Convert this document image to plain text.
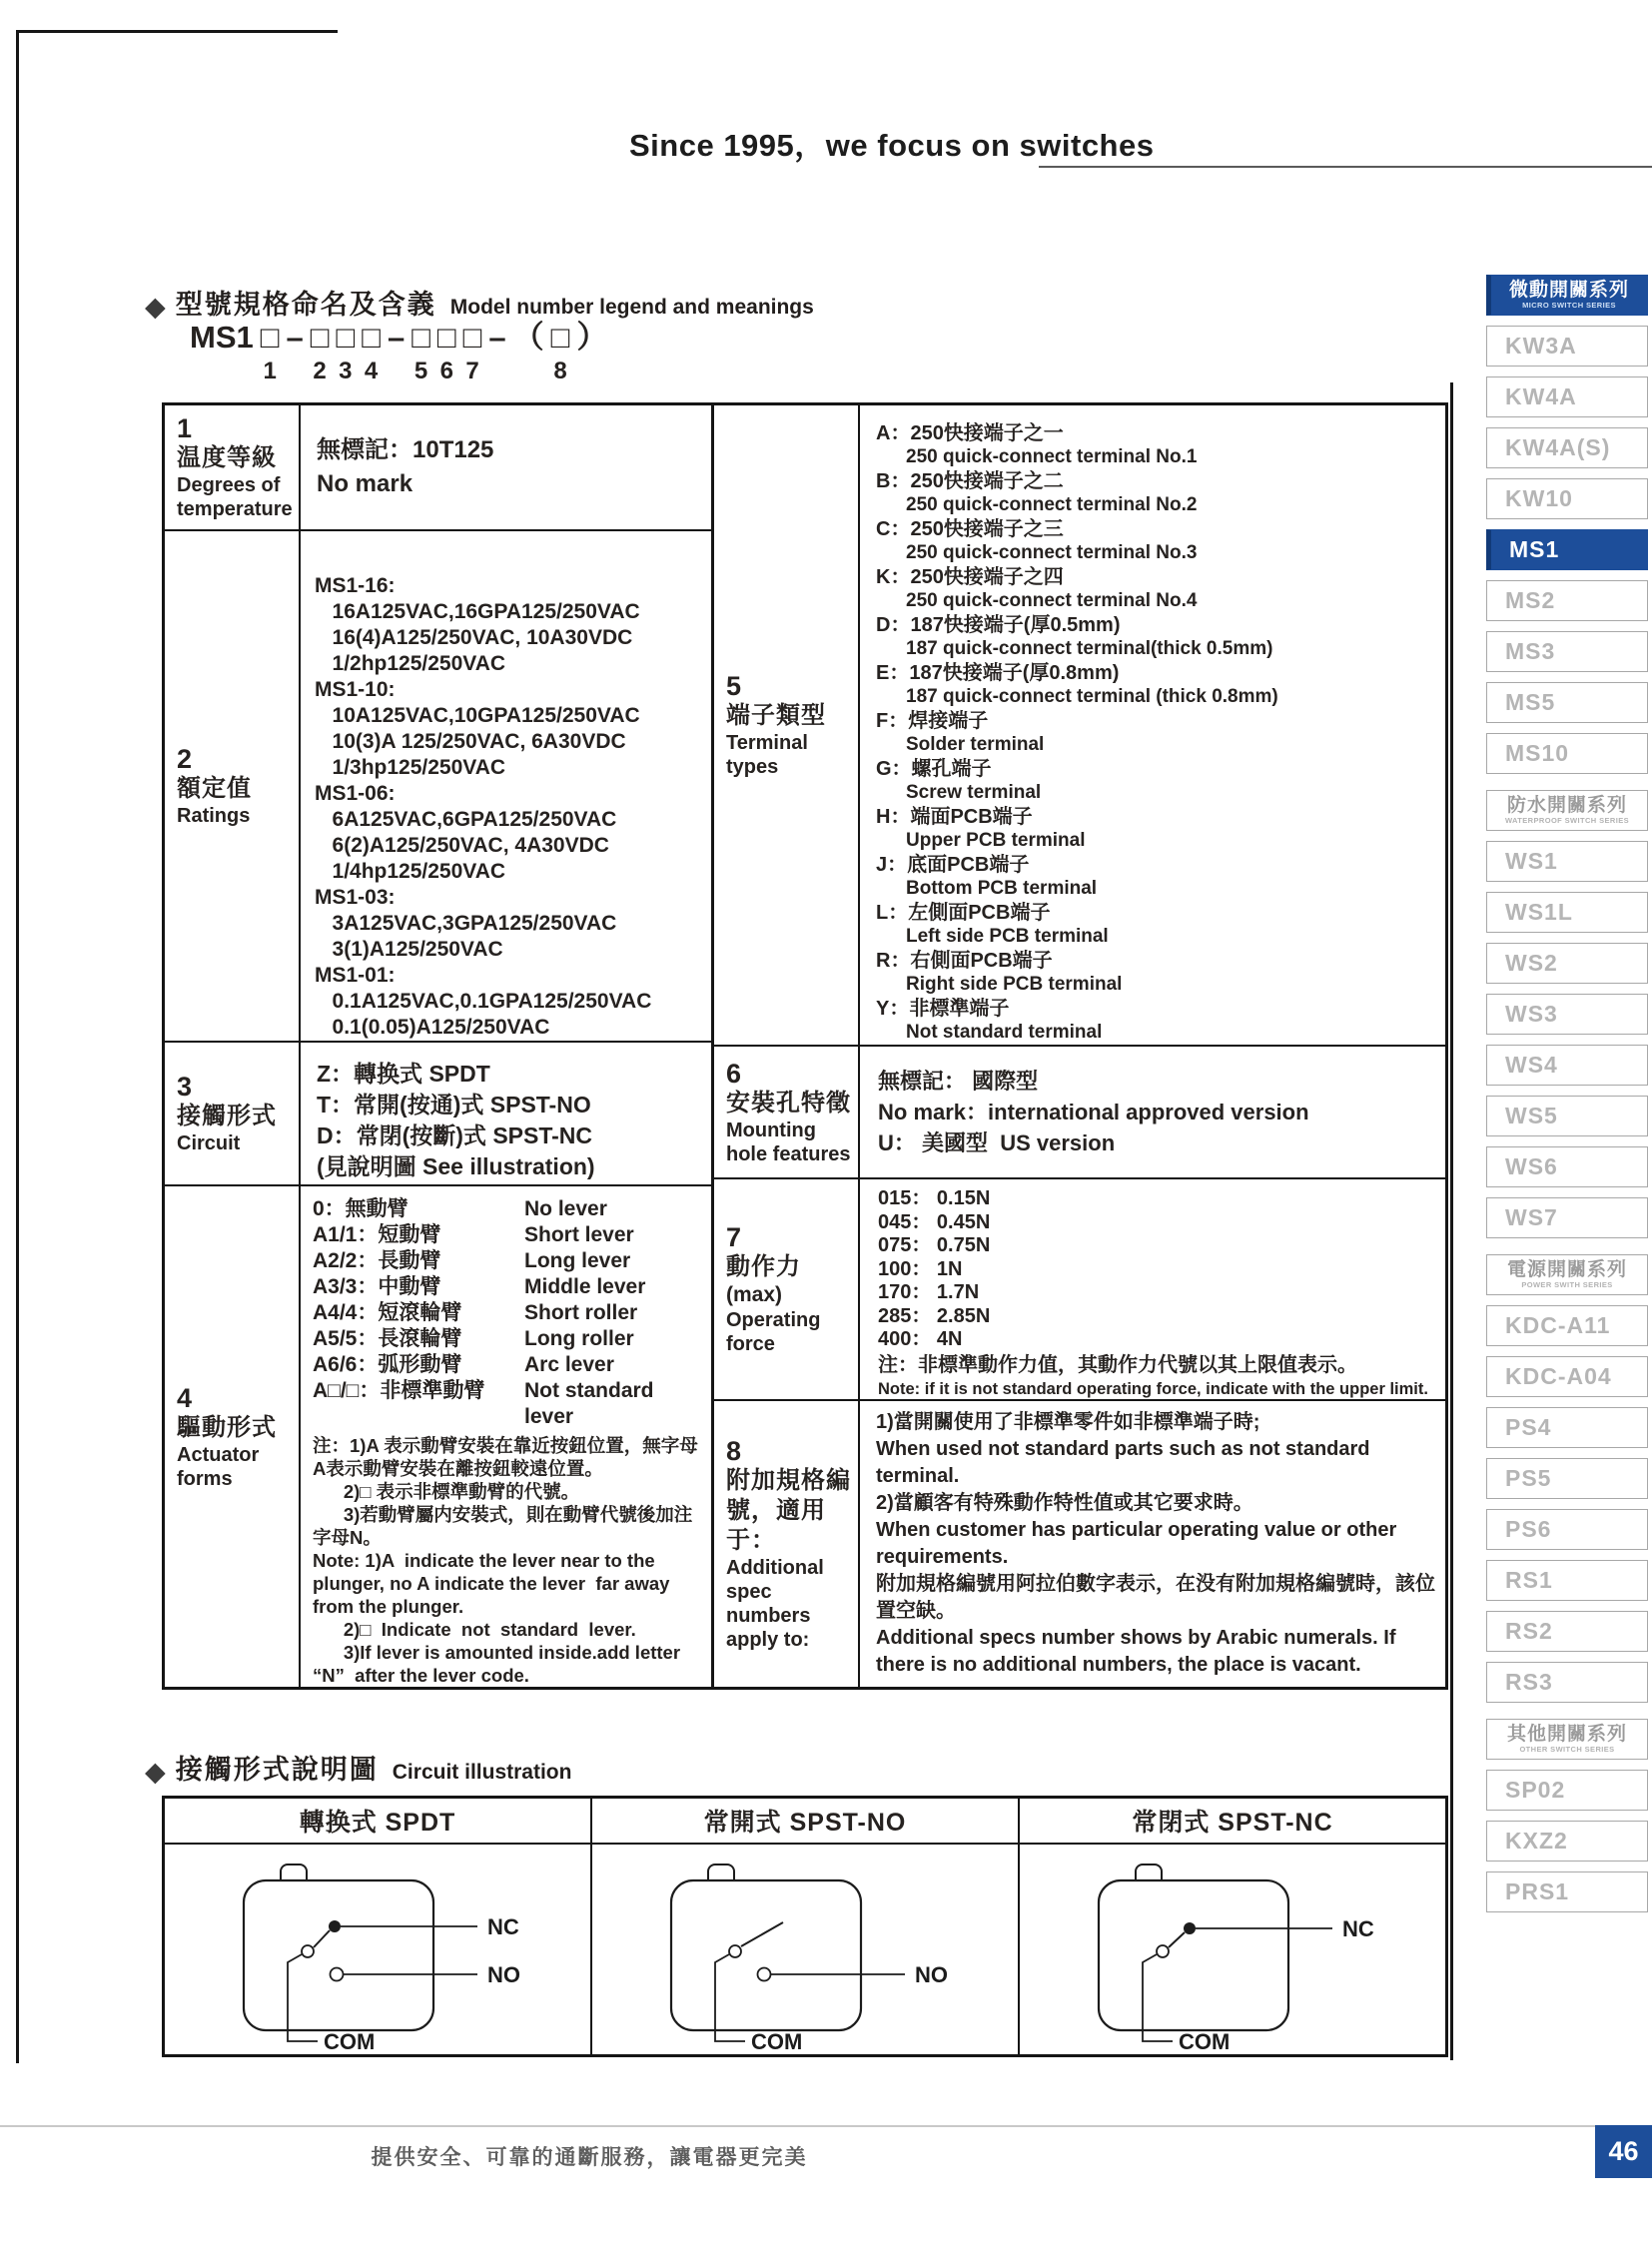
Since 1995，we focus on switches
◆ 型號規格命名及含義 Model number legend and meanings
MS1 □
1
– □
2
□
3
□
4
– □
5
□
6
□
7
– （ □
8
）
1
温度等級
Degrees of temperature
無標記：10T125
No mark
2
額定值
Ratings
MS1-16:
16A125VAC,16GPA125/250VAC
16(4)A125/250VAC, 10A30VDC
1/2hp125/250VAC
MS1-10:
10A125VAC,10GPA125/250VAC
10(3)A 125/250VAC, 6A30VDC
1/3hp125/250VAC
MS1-06:
6A125VAC,6GPA125/250VAC
6(2)A125/250VAC, 4A30VDC
1/4hp125/250VAC
MS1-03:
3A125VAC,3GPA125/250VAC
3(1)A125/250VAC
MS1-01:
0.1A125VAC,0.1GPA125/250VAC
0.1(0.05)A125/250VAC
3
接觸形式
Circuit
Z：轉换式 SPDT
T：常開(按通)式 SPST-NO
D：常閉(按斷)式 SPST-NC
(見說明圖 See illustration)
4
驅動形式
Actuator forms
0：無動臂	No lever
A1/1：短動臂	Short lever
A2/2：長動臂	Long lever
A3/3：中動臂	Middle lever
A4/4：短滾輪臂	Short roller
A5/5：長滾輪臂	Long roller
A6/6：弧形動臂	Arc lever
A□/□：非標準動臂	Not standard lever
注：1)A 表示動臂安裝在靠近按鈕位置，無字母A表示動臂安裝在離按鈕較遠位置。
2)□ 表示非標準動臂的代號。
3)若動臂屬内安裝式，則在動臂代號後加注字母N。
Note: 1)A  indicate the lever near to the plunger, no A indicate the lever  far away from the plunger.
2)□  Indicate  not  standard  lever.
3)If lever is amounted inside.add letter  “N”  after the lever code.
5
端子類型
Terminal types
A：250快接端子之一
250 quick-connect terminal No.1
B：250快接端子之二
250 quick-connect terminal No.2
C：250快接端子之三
250 quick-connect terminal No.3
K：250快接端子之四
250 quick-connect terminal No.4
D：187快接端子(厚0.5mm)
187 quick-connect terminal(thick 0.5mm)
E：187快接端子(厚0.8mm)
187 quick-connect terminal (thick 0.8mm)
F：焊接端子
Solder terminal
G：螺孔端子
Screw terminal
H：端面PCB端子
Upper PCB terminal
J：底面PCB端子
Bottom PCB terminal
L：左側面PCB端子
Left side PCB terminal
R：右側面PCB端子
Right side PCB terminal
Y：非標準端子
Not standard terminal
6
安裝孔特徵
Mounting hole features
無標記： 國際型
No mark：international approved version
U： 美國型  US version
7
動作力
(max)
Operating force
015： 0.15N
045： 0.45N
075： 0.75N
100： 1N
170： 1.7N
285： 2.85N
400： 4N
注：非標準動作力值，其動作力代號以其上限值表示。
Note: if it is not standard operating force, indicate with the upper limit.
8
附加規格編號，適用于：
Additional spec numbers apply to:
1)當開關使用了非標準零件如非標準端子時;
When used not standard parts such as not standard terminal.
2)當顧客有特殊動作特性值或其它要求時。
When customer has particular operating value or other requirements.
附加規格編號用阿拉伯數字表示，在没有附加規格編號時，該位置空缺。
Additional specs number shows by Arabic numerals. If there is no additional numbers, the place is vacant.
◆ 接觸形式說明圖 Circuit illustration
轉换式 SPDT	常開式 SPST-NO	常閉式 SPST-NC
NC
NO
COM
NO
COM
NC
COM
微動開關系列
MICRO SWITCH SERIES
KW3A
KW4A
KW4A(S)
KW10
MS1
MS2
MS3
MS5
MS10
防水開關系列
WATERPROOF SWITCH SERIES
WS1
WS1L
WS2
WS3
WS4
WS5
WS6
WS7
電源開關系列
POWER SWITH SERIES
KDC-A11
KDC-A04
PS4
PS5
PS6
RS1
RS2
RS3
其他開關系列
OTHER SWITCH SERIES
SP02
KXZ2
PRS1
提供安全、可靠的通斷服務，讓電器更完美	46
